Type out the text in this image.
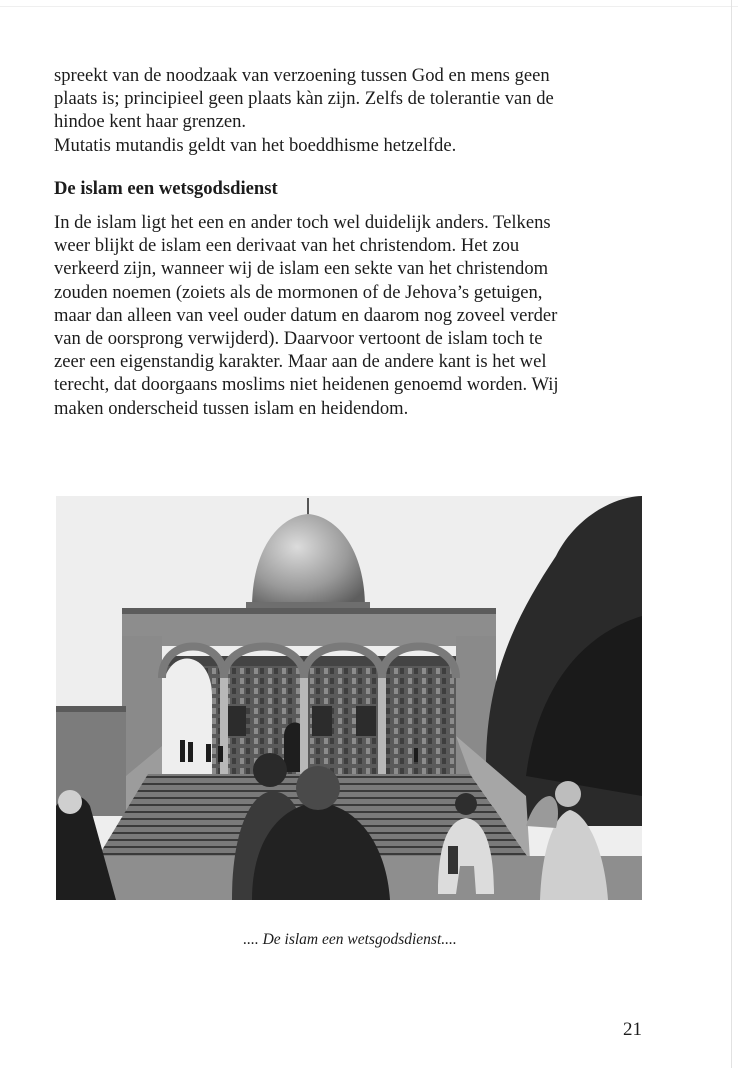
spreekt van de noodzaak van verzoening tussen God en mens geen

plaats is; principieel geen plaats kàn zijn. Zelfs de tolerantie van de

hindoe kent haar grenzen.

Mutatis mutandis geldt van het boeddhisme hetzelfde.

De islam een wetsgodsdienst

In de islam ligt het een en ander toch wel duidelijk anders. Telkens

weer blijkt de islam een derivaat van het christendom. Het zou

verkeerd zijn, wanneer wij de islam een sekte van het christendom

zouden noemen (zoiets als de mormonen of de Jehova’s getuigen,

maar dan alleen van veel ouder datum en daarom nog zoveel verder

van de oorsprong verwijderd). Daarvoor vertoont de islam toch te

zeer een eigenstandig karakter. Maar aan de andere kant is het wel

terecht, dat doorgaans moslims niet heidenen genoemd worden. Wij

maken onderscheid tussen islam en heidendom.

.... De islam een wetsgodsdienst....

21
